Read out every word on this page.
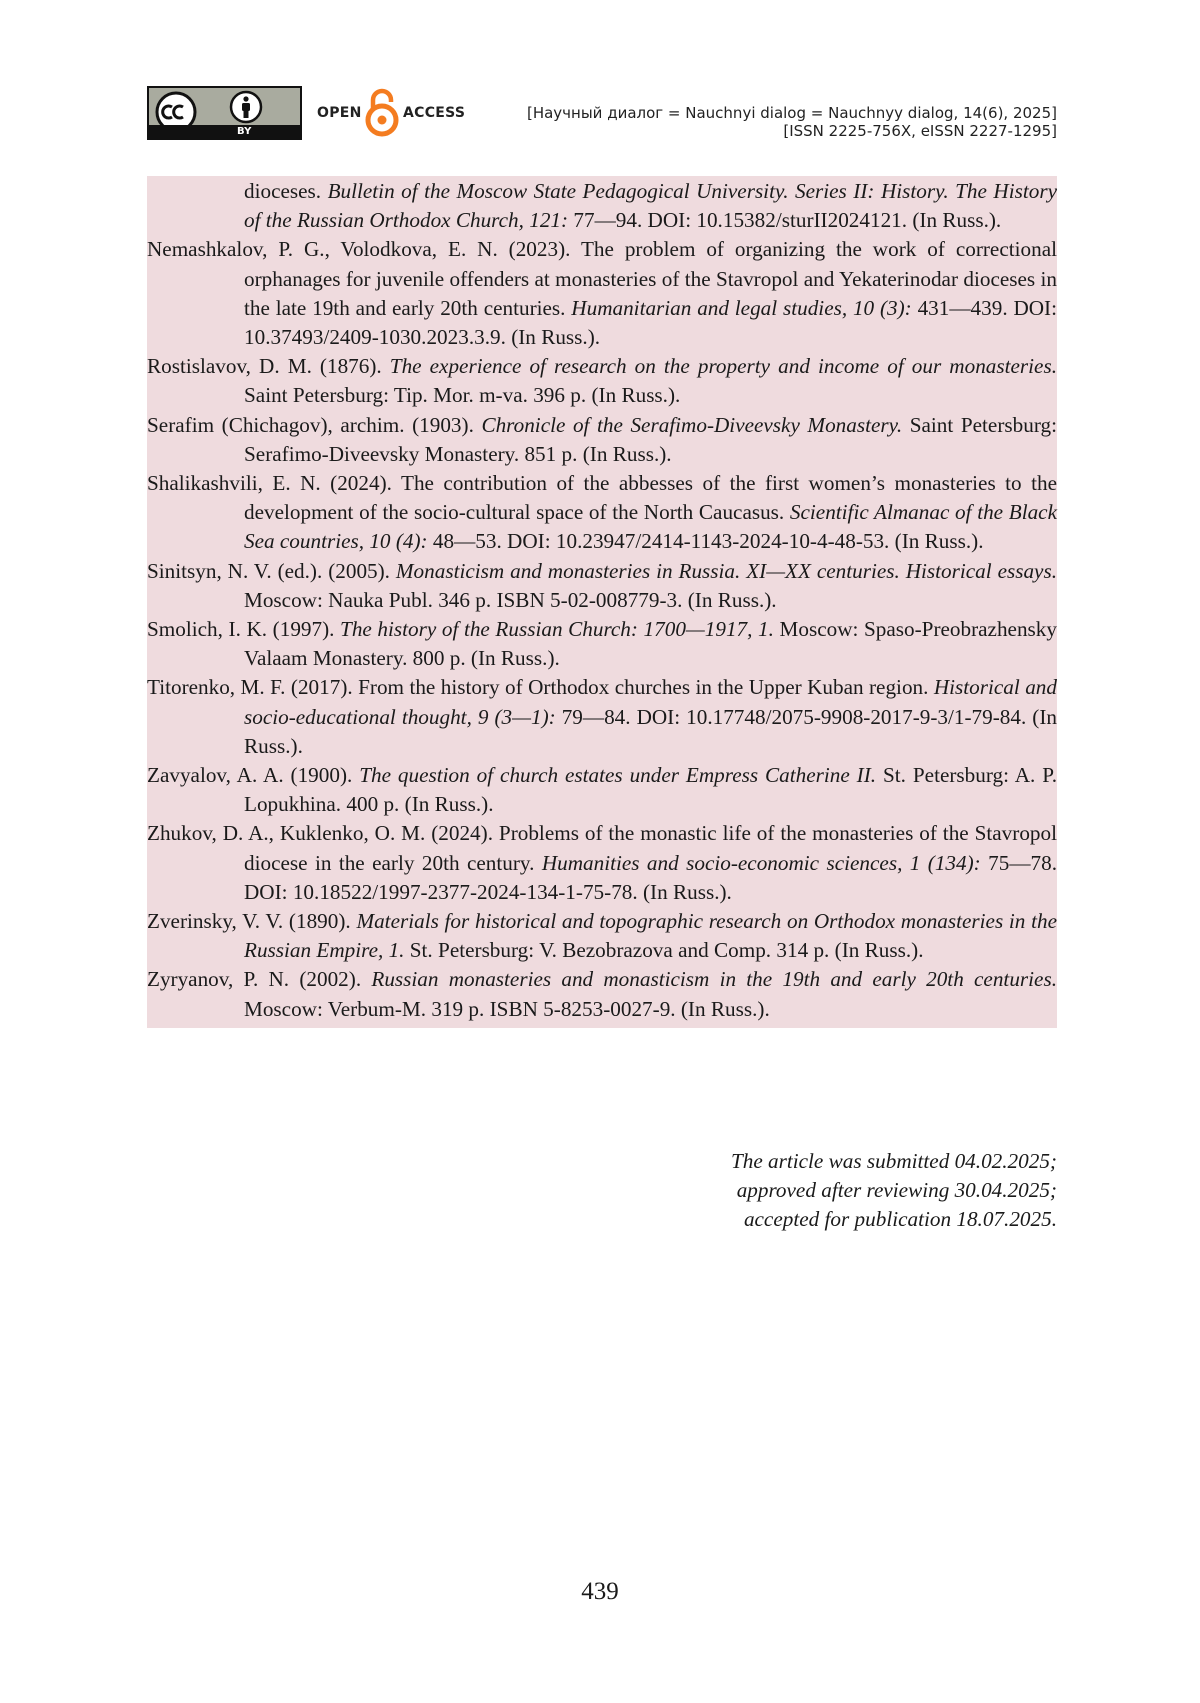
BY
OPEN	ACCESS	[Научный диалог = Nauchnyi dialog = Nauchnyy dialog, 14(6), 2025]
[ISSN 2225-756X, eISSN 2227-1295]
dioceses. Bulletin of the Moscow State Pedagogical University. Series II: History. The History of the Russian Orthodox Church, 121: 77—94. DOI: 10.15382/sturII2024121. (In Russ.).
Nemashkalov, P. G., Volodkova, E. N. (2023). The problem of organizing the work of correctional orphanages for juvenile offenders at monasteries of the Stavropol and Yekaterinodar dioceses in the late 19th and early 20th centuries. Humanitarian and legal studies, 10 (3): 431—439. DOI: 10.37493/2409-1030.2023.3.9. (In Russ.).
Rostislavov, D. M. (1876). The experience of research on the property and income of our monasteries. Saint Petersburg: Tip. Mor. m-va. 396 p. (In Russ.).
Serafim (Chichagov), archim. (1903). Chronicle of the Serafimo-Diveevsky Monastery. Saint Petersburg: Serafimo-Diveevsky Monastery. 851 p. (In Russ.).
Shalikashvili, E. N. (2024). The contribution of the abbesses of the first women’s monasteries to the development of the socio-cultural space of the North Caucasus. Scientific Almanac of the Black Sea countries, 10 (4): 48—53. DOI: 10.23947/2414-1143-2024-10-4-48-53. (In Russ.).
Sinitsyn, N. V. (ed.). (2005). Monasticism and monasteries in Russia. XI—XX centuries. Historical essays. Moscow: Nauka Publ. 346 p. ISBN 5-02-008779-3. (In Russ.).
Smolich, I. K. (1997). The history of the Russian Church: 1700—1917, 1. Moscow: Spaso-Preobrazhensky Valaam Monastery. 800 p. (In Russ.).
Titorenko, M. F. (2017). From the history of Orthodox churches in the Upper Kuban region. Historical and socio-educational thought, 9 (3—1): 79—84. DOI: 10.17748/2075-9908-2017-9-3/1-79-84. (In Russ.).
Zavyalov, A. A. (1900). The question of church estates under Empress Catherine II. St. Petersburg: A. P. Lopukhina. 400 p. (In Russ.).
Zhukov, D. A., Kuklenko, O. M. (2024). Problems of the monastic life of the monasteries of the Stavropol diocese in the early 20th century. Humanities and socio-economic sciences, 1 (134): 75—78. DOI: 10.18522/1997-2377-2024-134-1-75-78. (In Russ.).
Zverinsky, V. V. (1890). Materials for historical and topographic research on Orthodox monasteries in the Russian Empire, 1. St. Petersburg: V. Bezobrazova and Comp. 314 p. (In Russ.).
Zyryanov, P. N. (2002). Russian monasteries and monasticism in the 19th and early 20th centuries. Moscow: Verbum-M. 319 p. ISBN 5-8253-0027-9. (In Russ.).
The article was submitted 04.02.2025;
approved after reviewing 30.04.2025;
accepted for publication 18.07.2025.
439
